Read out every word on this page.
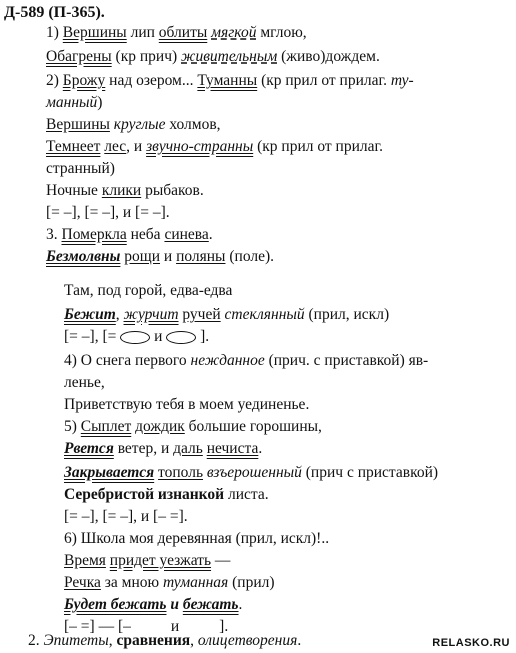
Д-589 (П-365).
1) Вершины лип облиты мягкой мглою,
Обагрены (кр прич) живительным (живо)дождем.
2) Брожу над озером... Туманны (кр прил от прилаг. ту-
манный)
Вершины круглые холмов,
Темнеет лес, и звучно-странны (кр прил от прилаг.
странный)
Ночные клики рыбаков.
[= –], [= –], и [= –].
3. Померкла неба синева.
Безмолвны рощи и поляны (поле).
Там, под горой, едва-едва
Бежит, журчит ручей стеклянный (прил, искл)
[= –], [=  и  ].
4) О снега первого нежданное (прич. с приставкой) яв-
ленье,
Приветствую тебя в моем уединенье.
5) Сыплет дождик большие горошины,
Рвется ветер, и даль нечиста.
Закрывается тополь взъерошенный (прич с приставкой)
Серебристой изнанкой листа.
[= –], [= –], и [– =].
6) Школа моя деревянная (прил, искл)!..
Время придет уезжать —
Речка за мною туманная (прил)
Будет бежать и бежать.
[– =] — [–	и	].
2. Эпитеты, сравнения, олицетворения.	RELASKO.RU
